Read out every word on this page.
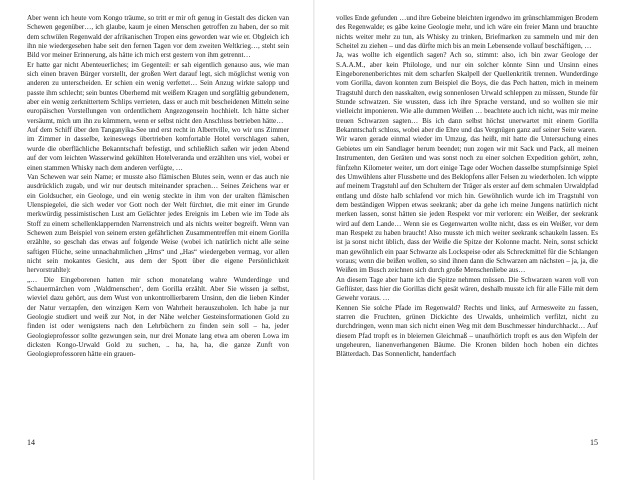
Aber wenn ich heute vom Kongo träume, so tritt er mir oft genug in Gestalt des dicken van Schewen gegenüber…, ich glaube, kaum je einen Menschen getroffen zu haben, der so mit dem schwülen Regenwald der afrikanischen Tropen eins geworden war wie er. Obgleich ich ihn nie wiedergesehen habe seit den fernen Tagen vor dem zweiten Weltkrieg…, steht sein Bild vor meiner Erinnerung, als hätte ich mich erst gestern von ihm getrennt…

Er hatte gar nicht Abenteuerliches; im Gegenteil: er sah eigentlich genauso aus, wie man sich einen braven Bürger vorstellt, der großen Wert darauf legt, sich möglichst wenig von anderen zu unterscheiden. Er schien ein wenig verfettet… Sein Anzug wirkte salopp und passte ihm schlecht; sein buntes Oberhemd mit weißem Kragen und sorgfältig gebundenem, aber ein wenig zerknittertem Schlips verrieten, dass er auch mit bescheidenen Mitteln seine europäischen Vorstellungen von ordentlichem Angezogensein hochhielt. Ich hätte sicher versäumt, mich um ihn zu kümmern, wenn er selbst nicht den Anschluss betrieben hätte…

Auf dem Schiff über den Tanganyika-See und erst recht in Albertville, wo wir uns Zimmer im Zimmer in dasselbe, keineswegs übertrieben komfortable Hotel verschlagen sahen, wurde die oberflächliche Bekanntschaft befestigt, und schließlich saßen wir jeden Abend auf der vom leichten Wasserwind gekühlten Hotelveranda und erzählten uns viel, wobei er einen stammen Whisky nach dem anderen verfügte, …

Van Schewen war sein Name; er musste also flämischen Blutes sein, wenn er das auch nie ausdrücklich zugab, und wir nur deutsch miteinander sprachen… Seines Zeichens war er ein Goldsucher, ein Geologe, und ein wenig steckte in ihm von der uralten flämischen Ulenspiegelei, die sich weder vor Gott noch der Welt fürchtet, die mit einer im Grunde merkwürdig pessimistischen Lust am Gelächter jedes Ereignis im Leben wie im Tode als Stoff zu einem schellenklappernden Narrenstreich und als nichts weiter begreift. Wenn van Schewen zum Beispiel von seinem ersten gefährlichen Zusammentreffen mit einem Gorilla erzählte, so geschah das etwas auf folgende Weise (wobei ich natürlich nicht alle seine saftigen Flüche, seine unnachahmlichen „Hms“ und „Has“ wiedergeben vermag, vor allen nicht sein mokantes Gesicht, aus dem der Spott über die eigene Persönlichkeit hervorstrahlte):

„… Die Eingeborenen hatten mir schon monatelang wahre Wunderdinge und Schauermärchen vom ‚Waldmenschen‘, dem Gorilla erzählt. Aber Sie wissen ja selbst, wieviel dazu gehört, aus dem Wust von unkontrollierbarem Unsinn, den die lieben Kinder der Natur verzapfen, den winzigen Kern von Wahrheit herauszuholen. Ich habe ja nur Geologie studiert und weiß zur Not, in der Nähe welcher Gesteinsformationen Gold zu finden ist oder wenigstens nach den Lehrbüchern zu finden sein soll – ha, jeder Geologieprofessor sollte gezwungen sein, nur drei Monate lang etwa am oberen Lowa im dicksten Kongo-Urwald Gold zu suchen, .. ha, ha, ha, die ganze Zunft von Geologieprofessoren hätte ein grauen-

14

volles Ende gefunden …und ihre Gebeine bleichten irgendwo im grünschlammigen Brodem des Regenwalde; es gäbe keine Geologie mehr, und ich wäre ein freier Mann und brauchte nichts weiter mehr zu tun, als Whisky zu trinken, Briefmarken zu sammeln und mir den Scheitel zu ziehen – und das dürfte mich bis an mein Lebensende vollauf beschäftigen, …

Ja, was wollte ich eigentlich sagen? Ach so, stimmt: also, ich bin zwar Geologe der S.A.A.M., aber kein Philologe, und nur ein solcher könnte Sinn und Unsinn eines Eingeborenenberichtes mit dem scharfen Skalpell der Quellenkritik trennen. Wunderdinge vom Gorilla, davon konnten zum Beispiel die Boys, die das Pech hatten, mich in meinem Tragstuhl durch den nasskalten, ewig sonnenlosen Urwald schleppen zu müssen, Stunde für Stunde schwatzen. Sie wussten, dass ich ihre Sprache verstand, und so wollten sie mir vielleicht imponieren. Wie alle dummen Weißen … beachtete auch ich nicht, was mir meine treuen Schwarzen sagten… Bis ich dann selbst höchst unerwartet mit einem Gorilla Bekanntschaft schloss, wobei aber die Ehre und das Vergnügen ganz auf seiner Seite waren.

Wir waren gerade einmal wieder im Umzug, das heißt, mit hatte die Untersuchung eines Gebietes um ein Sandlager herum beendet; nun zogen wir mit Sack und Pack, all meinen Instrumenten, den Geräten und was sonst noch zu einer solchen Expedition gehört, zehn, fünfzehn Kilometer weiter, um dort einige Tage oder Wochen dasselbe stumpfsinnige Spiel des Umwühlens alter Flussbette und des Beklopfens aller Felsen zu wiederholen. Ich wippte auf meinem Tragstuhl auf den Schultern der Träger als erster auf dem schmalen Urwaldpfad entlang und döste halb schlafend vor mich hin. Gewöhnlich wurde ich im Tragstuhl von dem beständigen Wippen etwas seekrank; aber da gehe ich meine Jungens natürlich nicht merken lassen, sonst hätten sie jeden Respekt vor mir verloren: ein Weißer, der seekrank wird auf dem Lande… Wenn sie es Gegenwarten wollte nicht, dass es ein Weißer, vor dem man Respekt zu haben braucht! Also musste ich mich weiter seekrank schaukeln lassen. Es ist ja sonst nicht üblich, dass der Weiße die Spitze der Kolonne macht. Nein, sonst schickt man gewöhnlich ein paar Schwarze als Lockspeise oder als Schreckmittel für die Schlangen voraus; wenn die beißen wollen, so sind ihnen dann die Schwarzen am nächsten – ja, ja, die Weißen im Busch zeichnen sich durch große Menschenliebe aus…

An diesem Tage aber hatte ich die Spitze nehmen müssen. Die Schwarzen waren voll von Geflüster, dass hier die Gorillas dicht gesät wären, deshalb musste ich für alle Fälle mit dem Gewehr voraus. …

Kennen Sie solche Pfade im Regenwald? Rechts und links, auf Armesweite zu fassen, starren die Fruchten, grünen Dickichte des Urwalds, unheimlich verfilzt, nicht zu durchdringen, wenn man sich nicht einen Weg mit dem Buschmesser hindurchhackt… Auf diesem Pfad tropft es in bleiernen Gleichmaß – unaufhörlich tropft es aus den Wipfeln der ungeheuren, lianenverhangenen Bäume. Die Kronen bilden hoch hoben ein dichtes Blätterdach. Das Sonnenlicht, handertfach

15
